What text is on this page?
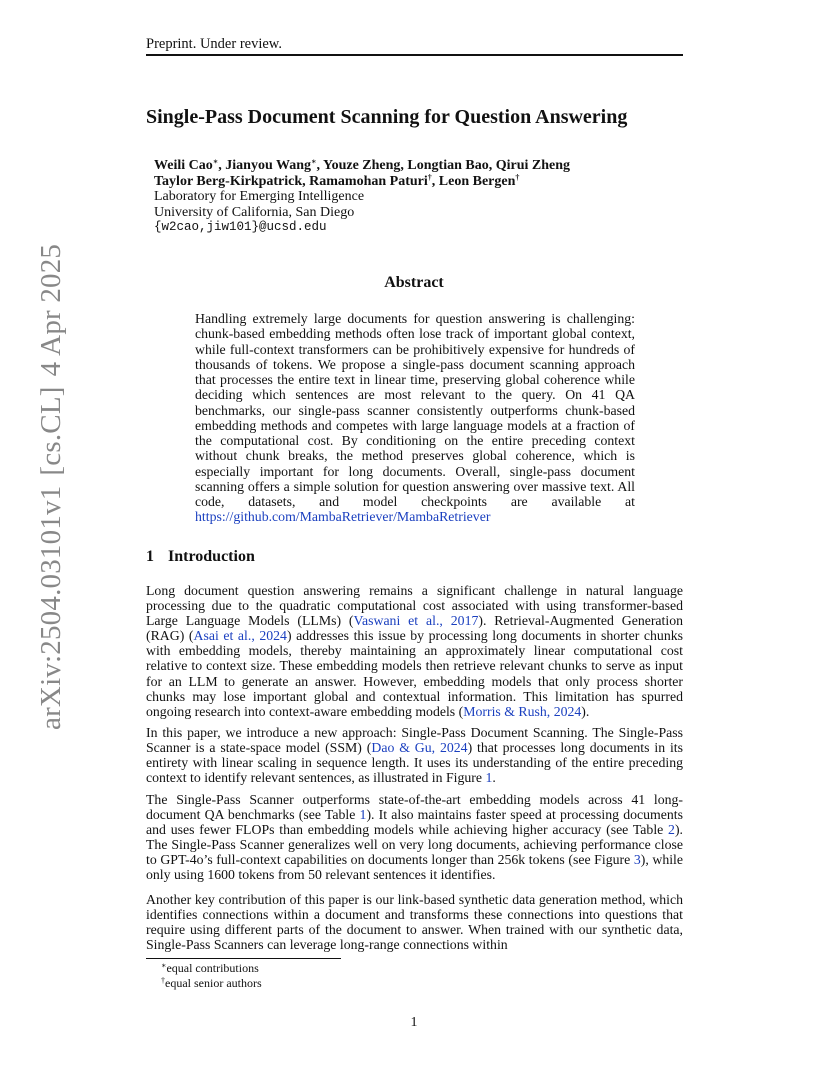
Preprint. Under review.
Single-Pass Document Scanning for Question Answering
Weili Cao∗, Jianyou Wang∗, Youze Zheng, Longtian Bao, Qirui Zheng
Taylor Berg-Kirkpatrick, Ramamohan Paturi†, Leon Bergen†
Laboratory for Emerging Intelligence
University of California, San Diego
{w2cao,jiw101}@ucsd.edu
Abstract
Handling extremely large documents for question answering is challenging: chunk-based embedding methods often lose track of important global context, while full-context transformers can be prohibitively expensive for hundreds of thousands of tokens. We propose a single-pass document scanning approach that processes the entire text in linear time, preserving global coherence while deciding which sentences are most relevant to the query. On 41 QA benchmarks, our single-pass scanner consistently outperforms chunk-based embedding methods and competes with large language models at a fraction of the computational cost. By conditioning on the entire preceding context without chunk breaks, the method preserves global coherence, which is especially important for long documents. Overall, single-pass document scanning offers a simple solution for question answering over massive text. All code, datasets, and model checkpoints are available at https://github.com/MambaRetriever/MambaRetriever
1 Introduction
Long document question answering remains a significant challenge in natural language processing due to the quadratic computational cost associated with using transformer-based Large Language Models (LLMs) (Vaswani et al., 2017). Retrieval-Augmented Generation (RAG) (Asai et al., 2024) addresses this issue by processing long documents in shorter chunks with embedding models, thereby maintaining an approximately linear computational cost relative to context size. These embedding models then retrieve relevant chunks to serve as input for an LLM to generate an answer. However, embedding models that only process shorter chunks may lose important global and contextual information. This limitation has spurred ongoing research into context-aware embedding models (Morris & Rush, 2024).
In this paper, we introduce a new approach: Single-Pass Document Scanning. The Single-Pass Scanner is a state-space model (SSM) (Dao & Gu, 2024) that processes long documents in its entirety with linear scaling in sequence length. It uses its understanding of the entire preceding context to identify relevant sentences, as illustrated in Figure 1.
The Single-Pass Scanner outperforms state-of-the-art embedding models across 41 long-document QA benchmarks (see Table 1). It also maintains faster speed at processing documents and uses fewer FLOPs than embedding models while achieving higher accuracy (see Table 2). The Single-Pass Scanner generalizes well on very long documents, achieving performance close to GPT-4o’s full-context capabilities on documents longer than 256k tokens (see Figure 3), while only using 1600 tokens from 50 relevant sentences it identifies.
Another key contribution of this paper is our link-based synthetic data generation method, which identifies connections within a document and transforms these connections into questions that require using different parts of the document to answer. When trained with our synthetic data, Single-Pass Scanners can leverage long-range connections within
∗equal contributions
†equal senior authors
1
arXiv:2504.03101v1[cs.CL]4 Apr 2025
